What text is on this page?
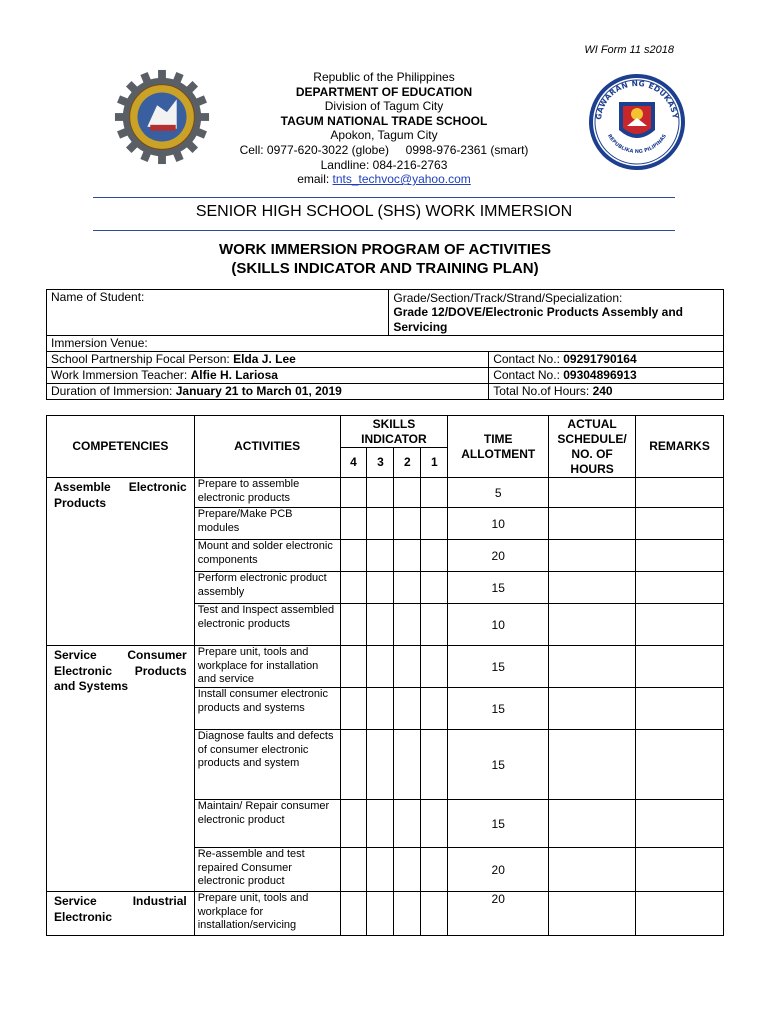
WI Form 11 s2018
GAWARAN NG EDUKASY
REPUBLIKA NG PILIPINAS
Republic of the Philippines
DEPARTMENT OF EDUCATION
Division of Tagum City
TAGUM NATIONAL TRADE SCHOOL
Apokon, Tagum City
Cell: 0977-620-3022 (globe)     0998-976-2361 (smart)
Landline: 084-216-2763
email: tnts_techvoc@yahoo.com
SENIOR HIGH SCHOOL (SHS) WORK IMMERSION
WORK IMMERSION PROGRAM OF ACTIVITIES
(SKILLS INDICATOR AND TRAINING PLAN)
Name of Student:	Grade/Section/Track/Strand/Specialization:
Grade 12/DOVE/Electronic Products Assembly and Servicing	

Immersion Venue:		
School Partnership Focal Person: Elda J. Lee		Contact No.: 09291790164
Work Immersion Teacher: Alfie H. Lariosa		Contact No.: 09304896913
Duration of Immersion: January 21 to March 01, 2019		Total No.of Hours: 240
COMPETENCIES	ACTIVITIES	SKILLS INDICATOR				TIME ALLOTMENT	ACTUAL SCHEDULE/ NO. OF HOURS	REMARKS
		4	3	2	1			
Assemble Electronic Products	Prepare to assemble electronic products					5		
	Prepare/Make PCB modules					10		
	Mount and solder electronic components					20		
	Perform electronic product assembly					15		
	Test and Inspect assembled electronic products					10		
Service Consumer Electronic Products and Systems	Prepare unit, tools and workplace for installation and service					15		
	Install consumer electronic products and systems					15		
	Diagnose faults and defects of consumer electronic products and system					15		
	Maintain/ Repair consumer electronic product					15		
	Re-assemble and test repaired Consumer electronic product					20		
Service Industrial Electronic	Prepare unit, tools and workplace for installation/servicing					20		
